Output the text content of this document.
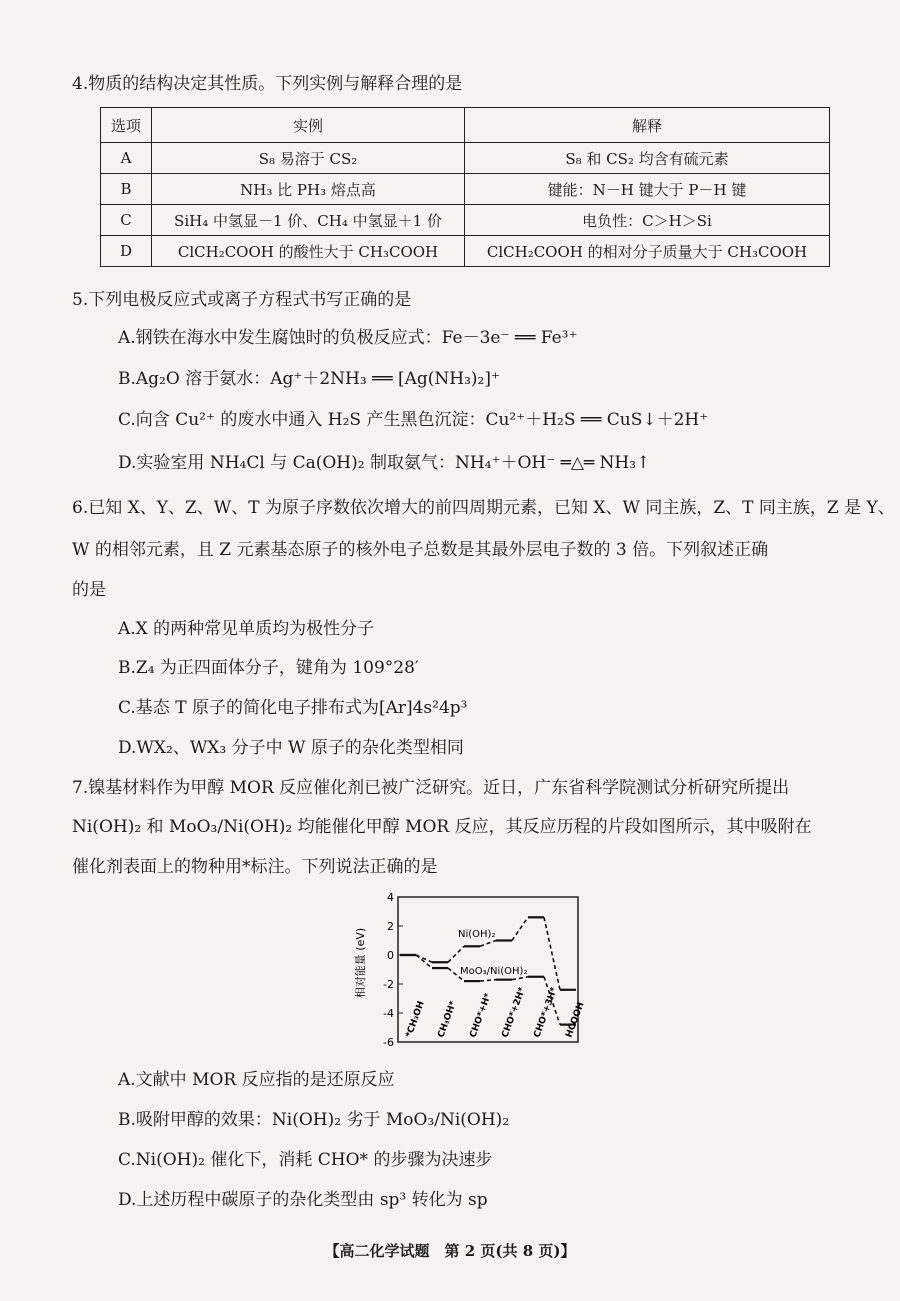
4.物质的结构决定其性质。下列实例与解释合理的是
选项	实例	解释
A	S₈ 易溶于 CS₂	S₈ 和 CS₂ 均含有硫元素
B	NH₃ 比 PH₃ 熔点高	键能：N－H 键大于 P－H 键
C	SiH₄ 中氢显－1 价、CH₄ 中氢显＋1 价	电负性：C＞H＞Si
D	ClCH₂COOH 的酸性大于 CH₃COOH	ClCH₂COOH 的相对分子质量大于 CH₃COOH
5.下列电极反应式或离子方程式书写正确的是
A.钢铁在海水中发生腐蚀时的负极反应式：Fe－3e⁻ ══ Fe³⁺
B.Ag₂O 溶于氨水：Ag⁺＋2NH₃ ══ [Ag(NH₃)₂]⁺
C.向含 Cu²⁺ 的废水中通入 H₂S 产生黑色沉淀：Cu²⁺＋H₂S ══ CuS↓＋2H⁺
D.实验室用 NH₄Cl 与 Ca(OH)₂ 制取氨气：NH₄⁺＋OH⁻ ═△═ NH₃↑
6.已知 X、Y、Z、W、T 为原子序数依次增大的前四周期元素，已知 X、W 同主族，Z、T 同主族，Z 是 Y、
W 的相邻元素，且 Z 元素基态原子的核外电子总数是其最外层电子数的 3 倍。下列叙述正确
的是
A.X 的两种常见单质均为极性分子
B.Z₄ 为正四面体分子，键角为 109°28′
C.基态 T 原子的简化电子排布式为[Ar]4s²4p³
D.WX₂、WX₃ 分子中 W 原子的杂化类型相同
7.镍基材料作为甲醇 MOR 反应催化剂已被广泛研究。近日，广东省科学院测试分析研究所提出
Ni(OH)₂ 和 MoO₃/Ni(OH)₂ 均能催化甲醇 MOR 反应，其反应历程的片段如图所示，其中吸附在
催化剂表面上的物种用*标注。下列说法正确的是
相对能量 (eV)
4
2
0
-2
-4
-6
*CH₃OH CH₃OH* CHO*+H* CHO*+2H* CHO*+3H* HCOOH
Ni(OH)₂
MoO₃/Ni(OH)₂
A.文献中 MOR 反应指的是还原反应
B.吸附甲醇的效果：Ni(OH)₂ 劣于 MoO₃/Ni(OH)₂
C.Ni(OH)₂ 催化下，消耗 CHO* 的步骤为决速步
D.上述历程中碳原子的杂化类型由 sp³ 转化为 sp
【高二化学试题　第 2 页(共 8 页)】
